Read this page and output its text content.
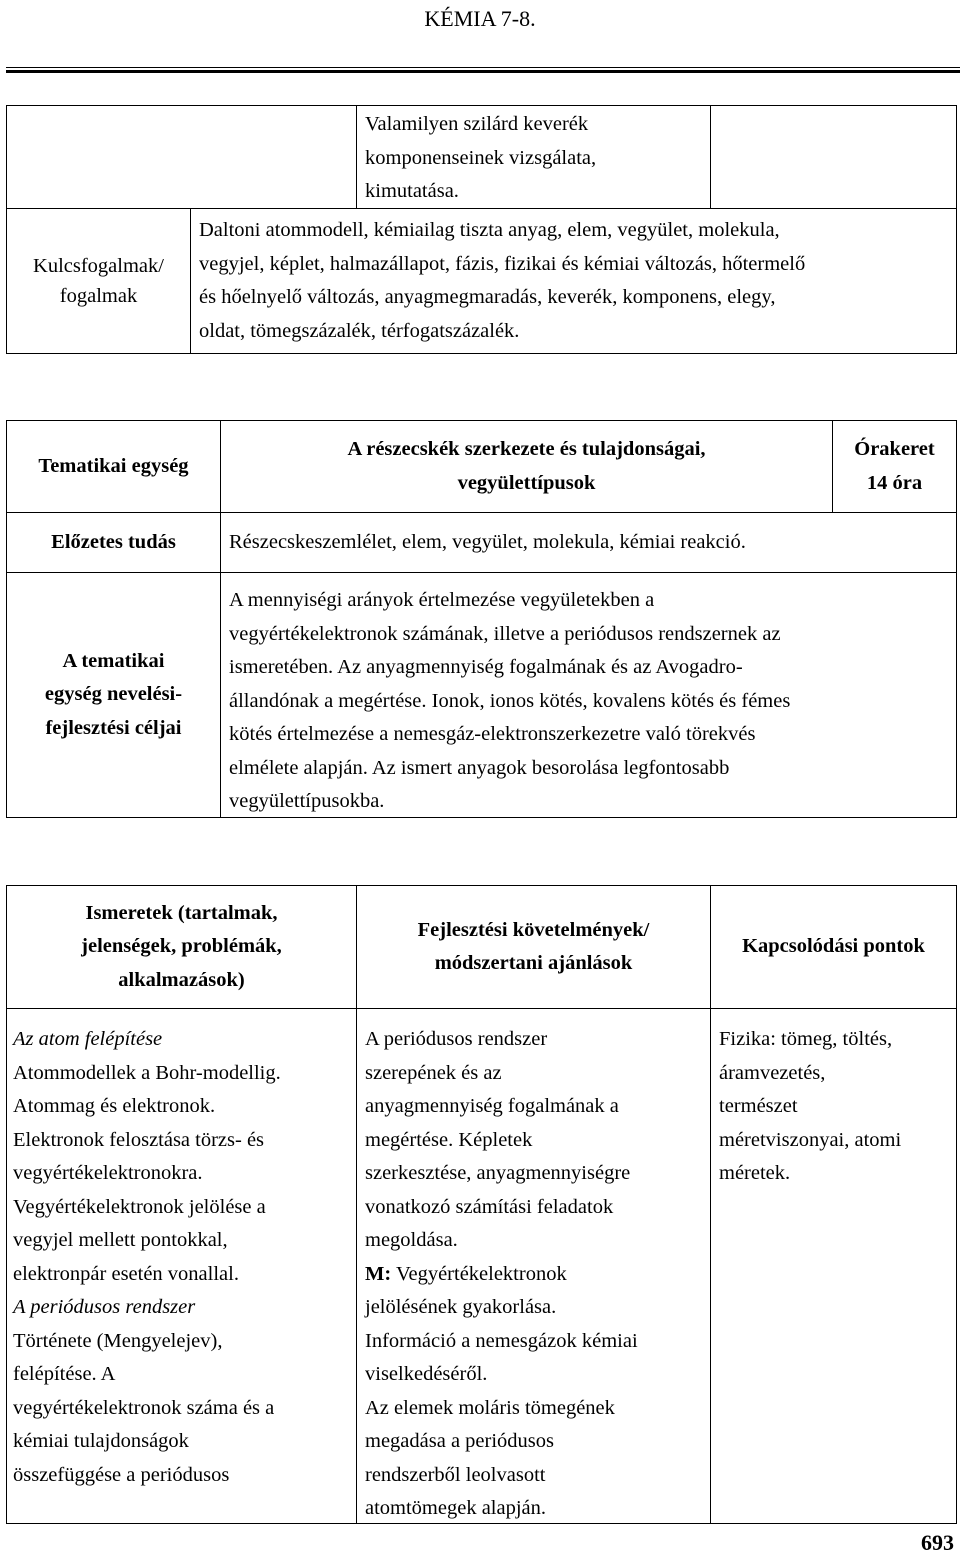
KÉMIA 7-8.
Valamilyen szilárd keverék
komponenseinek vizsgálata,
kimutatása.
Kulcsfogalmak/
fogalmak
Daltoni atommodell, kémiailag tiszta anyag, elem, vegyület, molekula,
vegyjel, képlet, halmazállapot, fázis, fizikai és kémiai változás, hőtermelő
és hőelnyelő változás, anyagmegmaradás, keverék, komponens, elegy,
oldat, tömegszázalék, térfogatszázalék.
Tematikai egység
A részecskék szerkezete és tulajdonságai,
vegyülettípusok
Órakeret
14 óra
Előzetes tudás	Részecskeszemlélet, elem, vegyület, molekula, kémiai reakció.
A tematikai
egység nevelési-
fejlesztési céljai
A mennyiségi arányok értelmezése vegyületekben a
vegyértékelektronok számának, illetve a periódusos rendszernek az
ismeretében. Az anyagmennyiség fogalmának és az Avogadro-
állandónak a megértése. Ionok, ionos kötés, kovalens kötés és fémes
kötés értelmezése a nemesgáz-elektronszerkezetre való törekvés
elmélete alapján. Az ismert anyagok besorolása legfontosabb
vegyülettípusokba.
Ismeretek (tartalmak,
jelenségek, problémák,
alkalmazások)
Fejlesztési követelmények/
módszertani ajánlások
Kapcsolódási pontok
Az atom felépítése
Atommodellek a Bohr-modellig.
Atommag és elektronok.
Elektronok felosztása törzs- és
vegyértékelektronokra.
Vegyértékelektronok jelölése a
vegyjel mellett pontokkal,
elektronpár esetén vonallal.
A periódusos rendszer
Története (Mengyelejev),
felépítése. A
vegyértékelektronok száma és a
kémiai tulajdonságok
összefüggése a periódusos
A periódusos rendszer
szerepének és az
anyagmennyiség fogalmának a
megértése. Képletek
szerkesztése, anyagmennyiségre
vonatkozó számítási feladatok
megoldása.
M: Vegyértékelektronok
jelölésének gyakorlása.
Információ a nemesgázok kémiai
viselkedéséről.
Az elemek moláris tömegének
megadása a periódusos
rendszerből leolvasott
atomtömegek alapján.
Fizika: tömeg, töltés,
áramvezetés,
természet
méretviszonyai, atomi
méretek.
693
